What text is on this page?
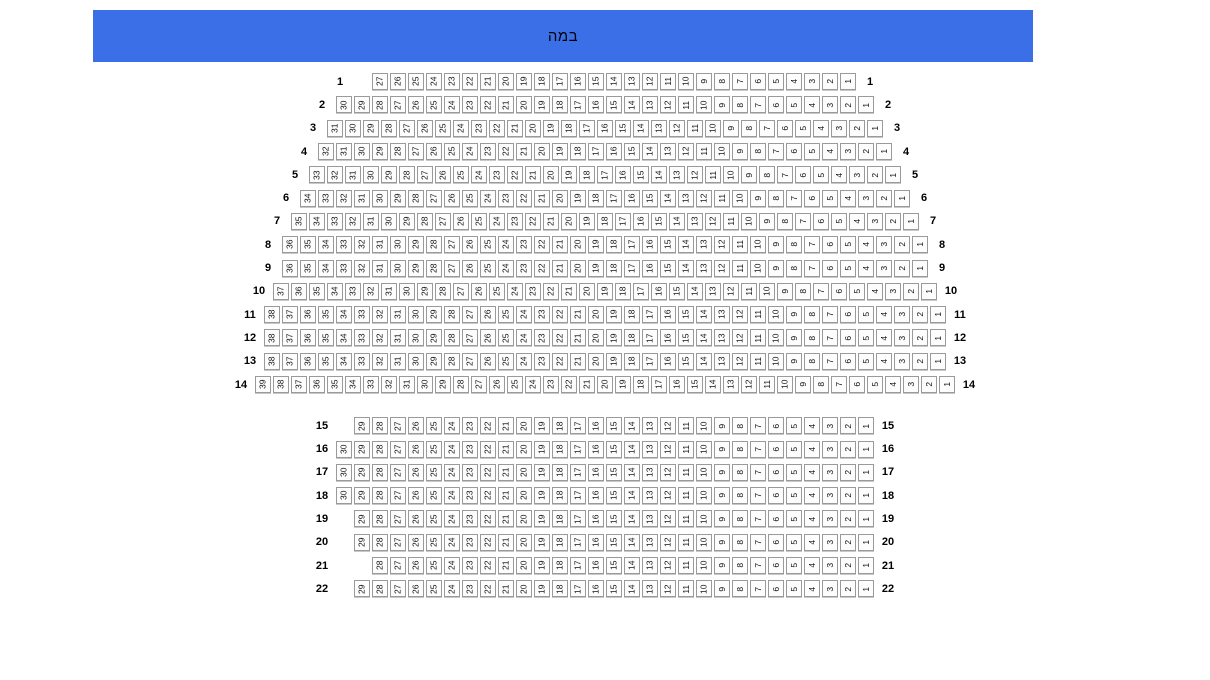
במה
1	27 26 25 24 23 22 21 20 19 18 17 16 15 14 13 12 11 10 9 8 7 6 5 4 3 2 1	1
2	30 29 28 27 26 25 24 23 22 21 20 19 18 17 16 15 14 13 12 11 10 9 8 7 6 5 4 3 2 1	2
3	31 30 29 28 27 26 25 24 23 22 21 20 19 18 17 16 15 14 13 12 11 10 9 8 7 6 5 4 3 2 1	3
4	32 31 30 29 28 27 26 25 24 23 22 21 20 19 18 17 16 15 14 13 12 11 10 9 8 7 6 5 4 3 2 1	4
5	33 32 31 30 29 28 27 26 25 24 23 22 21 20 19 18 17 16 15 14 13 12 11 10 9 8 7 6 5 4 3 2 1	5
6	34 33 32 31 30 29 28 27 26 25 24 23 22 21 20 19 18 17 16 15 14 13 12 11 10 9 8 7 6 5 4 3 2 1	6
7	35 34 33 32 31 30 29 28 27 26 25 24 23 22 21 20 19 18 17 16 15 14 13 12 11 10 9 8 7 6 5 4 3 2 1	7
8	36 35 34 33 32 31 30 29 28 27 26 25 24 23 22 21 20 19 18 17 16 15 14 13 12 11 10 9 8 7 6 5 4 3 2 1	8
9	36 35 34 33 32 31 30 29 28 27 26 25 24 23 22 21 20 19 18 17 16 15 14 13 12 11 10 9 8 7 6 5 4 3 2 1	9
10	37 36 35 34 33 32 31 30 29 28 27 26 25 24 23 22 21 20 19 18 17 16 15 14 13 12 11 10 9 8 7 6 5 4 3 2 1	10
11	38 37 36 35 34 33 32 31 30 29 28 27 26 25 24 23 22 21 20 19 18 17 16 15 14 13 12 11 10 9 8 7 6 5 4 3 2 1	11
12	38 37 36 35 34 33 32 31 30 29 28 27 26 25 24 23 22 21 20 19 18 17 16 15 14 13 12 11 10 9 8 7 6 5 4 3 2 1	12
13	38 37 36 35 34 33 32 31 30 29 28 27 26 25 24 23 22 21 20 19 18 17 16 15 14 13 12 11 10 9 8 7 6 5 4 3 2 1	13
14	39 38 37 36 35 34 33 32 31 30 29 28 27 26 25 24 23 22 21 20 19 18 17 16 15 14 13 12 11 10 9 8 7 6 5 4 3 2 1	14
15	29 28 27 26 25 24 23 22 21 20 19 18 17 16 15 14 13 12 11 10 9 8 7 6 5 4 3 2 1	15
16	30 29 28 27 26 25 24 23 22 21 20 19 18 17 16 15 14 13 12 11 10 9 8 7 6 5 4 3 2 1	16
17	30 29 28 27 26 25 24 23 22 21 20 19 18 17 16 15 14 13 12 11 10 9 8 7 6 5 4 3 2 1	17
18	30 29 28 27 26 25 24 23 22 21 20 19 18 17 16 15 14 13 12 11 10 9 8 7 6 5 4 3 2 1	18
19	29 28 27 26 25 24 23 22 21 20 19 18 17 16 15 14 13 12 11 10 9 8 7 6 5 4 3 2 1	19
20	29 28 27 26 25 24 23 22 21 20 19 18 17 16 15 14 13 12 11 10 9 8 7 6 5 4 3 2 1	20
21	28 27 26 25 24 23 22 21 20 19 18 17 16 15 14 13 12 11 10 9 8 7 6 5 4 3 2 1	21
22	29 28 27 26 25 24 23 22 21 20 19 18 17 16 15 14 13 12 11 10 9 8 7 6 5 4 3 2 1	22
